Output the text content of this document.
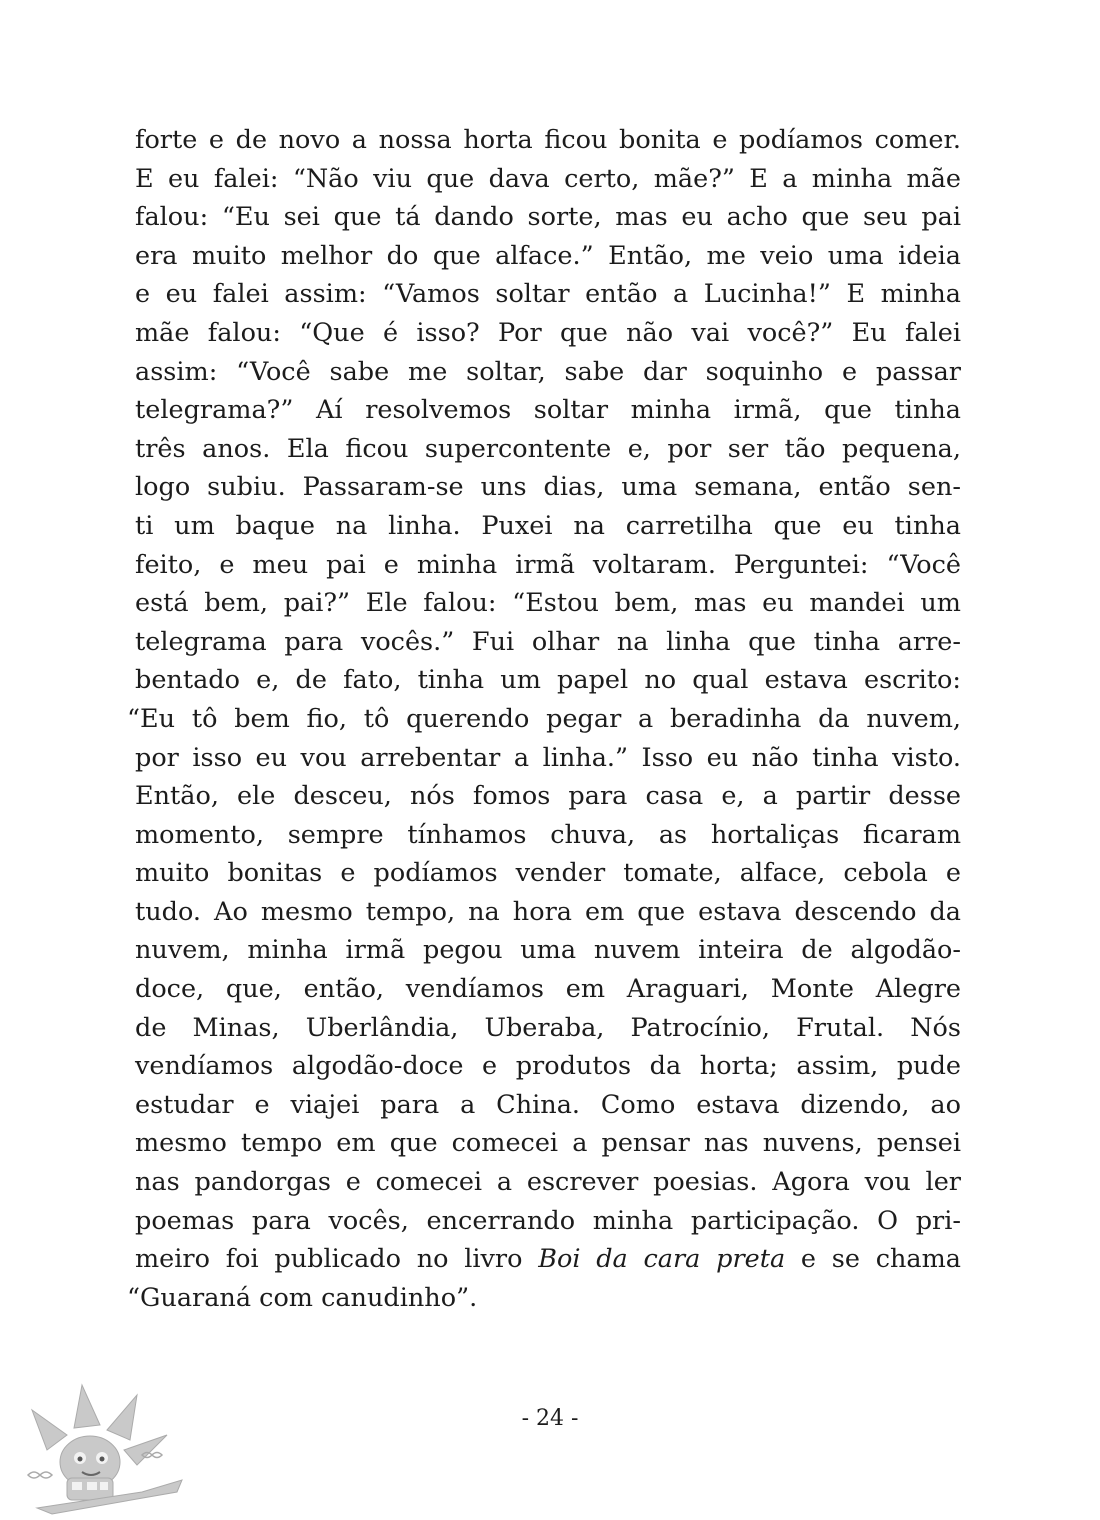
forte e de novo a nossa horta ficou bonita e podíamos comer.
E eu falei: “Não viu que dava certo, mãe?” E a minha mãe
falou: “Eu sei que tá dando sorte, mas eu acho que seu pai
era muito melhor do que alface.” Então, me veio uma ideia
e eu falei assim: “Vamos soltar então a Lucinha!” E minha
mãe falou: “Que é isso? Por que não vai você?” Eu falei
assim: “Você sabe me soltar, sabe dar soquinho e passar
telegrama?” Aí resolvemos soltar minha irmã, que tinha
três anos. Ela ficou supercontente e, por ser tão pequena,
logo subiu. Passaram-se uns dias, uma semana, então sen-
ti um baque na linha. Puxei na carretilha que eu tinha
feito, e meu pai e minha irmã voltaram. Perguntei: “Você
está bem, pai?” Ele falou: “Estou bem, mas eu mandei um
telegrama para vocês.” Fui olhar na linha que tinha arre-
bentado e, de fato, tinha um papel no qual estava escrito:
“Eu tô bem fio, tô querendo pegar a beradinha da nuvem,
por isso eu vou arrebentar a linha.” Isso eu não tinha visto.
Então, ele desceu, nós fomos para casa e, a partir desse
momento, sempre tínhamos chuva, as hortaliças ficaram
muito bonitas e podíamos vender tomate, alface, cebola e
tudo. Ao mesmo tempo, na hora em que estava descendo da
nuvem, minha irmã pegou uma nuvem inteira de algodão-
doce, que, então, vendíamos em Araguari, Monte Alegre
de Minas, Uberlândia, Uberaba, Patrocínio, Frutal. Nós
vendíamos algodão-doce e produtos da horta; assim, pude
estudar e viajei para a China. Como estava dizendo, ao
mesmo tempo em que comecei a pensar nas nuvens, pensei
nas pandorgas e comecei a escrever poesias. Agora vou ler
poemas para vocês, encerrando minha participação. O pri-
meiro foi publicado no livro Boi da cara preta e se chama
“Guaraná com canudinho”.
- 24 -
